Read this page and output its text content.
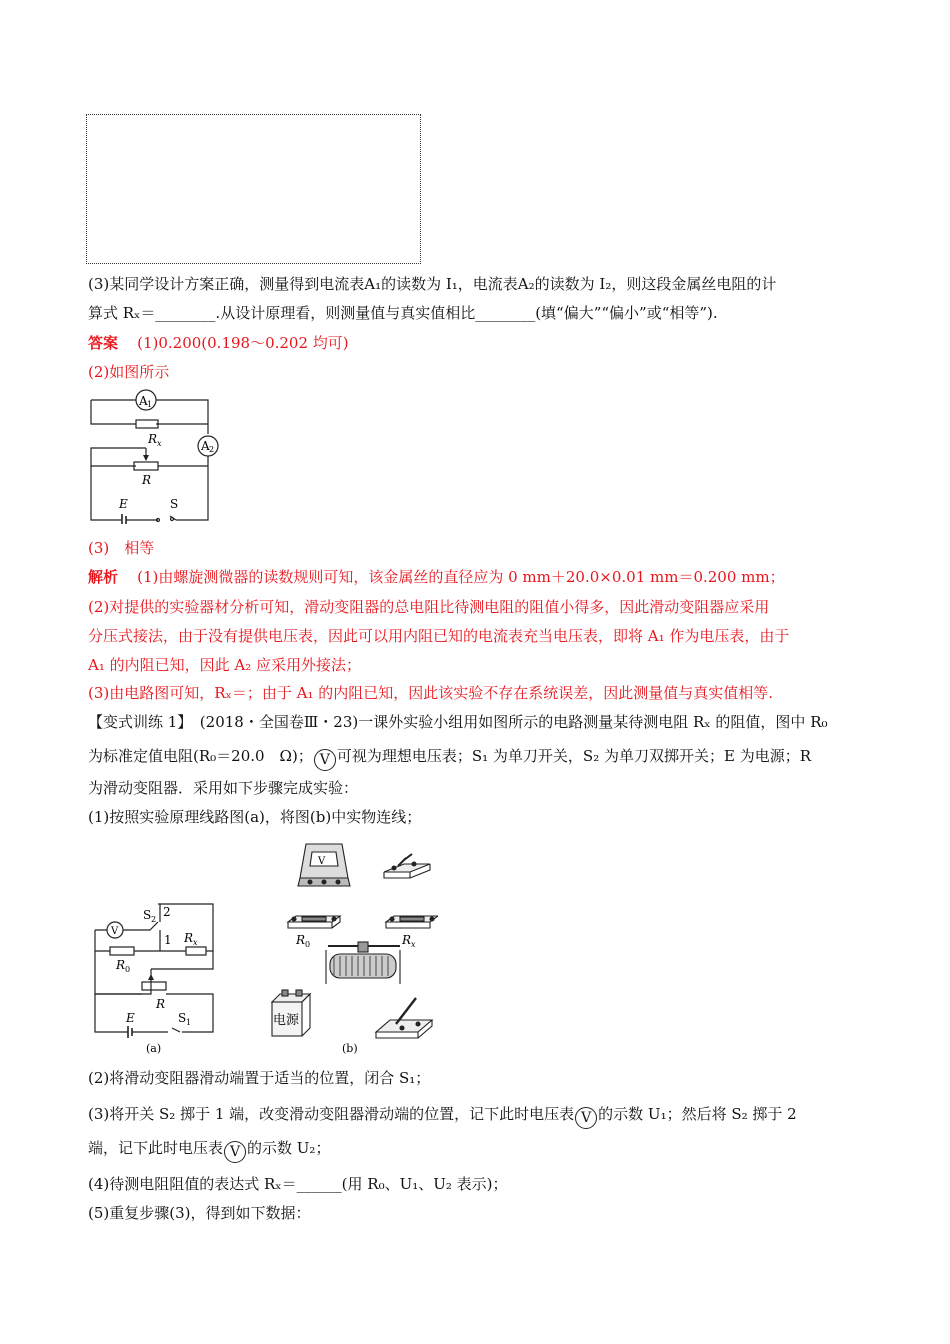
(3)某同学设计方案正确，测量得到电流表A₁的读数为 I₁，电流表A₂的读数为 I₂，则这段金属丝电阻的计
算式 Rₓ＝________.从设计原理看，则测量值与真实值相比________(填“偏大”“偏小”或“相等”).
答案 (1)0.200(0.198～0.202 均可)
(2)如图所示
A 1
R x	A 2
R
E	S
(3)　相等
解析 (1)由螺旋测微器的读数规则可知，该金属丝的直径应为 0 mm＋20.0×0.01 mm＝0.200 mm；
(2)对提供的实验器材分析可知，滑动变阻器的总电阻比待测电阻的阻值小得多，因此滑动变阻器应采用
分压式接法，由于没有提供电压表，因此可以用内阻已知的电流表充当电压表，即将 A₁ 作为电压表，由于
A₁ 的内阻已知，因此 A₂ 应采用外接法；
(3)由电路图可知，Rₓ＝；由于 A₁ 的内阻已知，因此该实验不存在系统误差，因此测量值与真实值相等.
【变式训练 1】　(2018・全国卷Ⅲ・23)一课外实验小组用如图所示的电路测量某待测电阻 Rₓ 的阻值，图中 R₀
为标准定值电阻(R₀＝20.0　Ω)； V 可视为理想电压表；S₁ 为单刀开关，S₂ 为单刀双掷开关；E 为电源；R
为滑动变阻器．采用如下步骤完成实验：
(1)按照实验原理线路图(a)，将图(b)中实物连线；
V
S 2
2
1 R x
R 0
R
E	S 1
(a)
V
R 0	R x
电源
(b)
(2)将滑动变阻器滑动端置于适当的位置，闭合 S₁；
(3)将开关 S₂ 掷于 1 端，改变滑动变阻器滑动端的位置，记下此时电压表 V 的示数 U₁；然后将 S₂ 掷于 2
端，记下此时电压表 V 的示数 U₂；
(4)待测电阻阻值的表达式 Rₓ＝______(用 R₀、U₁、U₂ 表示)；
(5)重复步骤(3)，得到如下数据：
